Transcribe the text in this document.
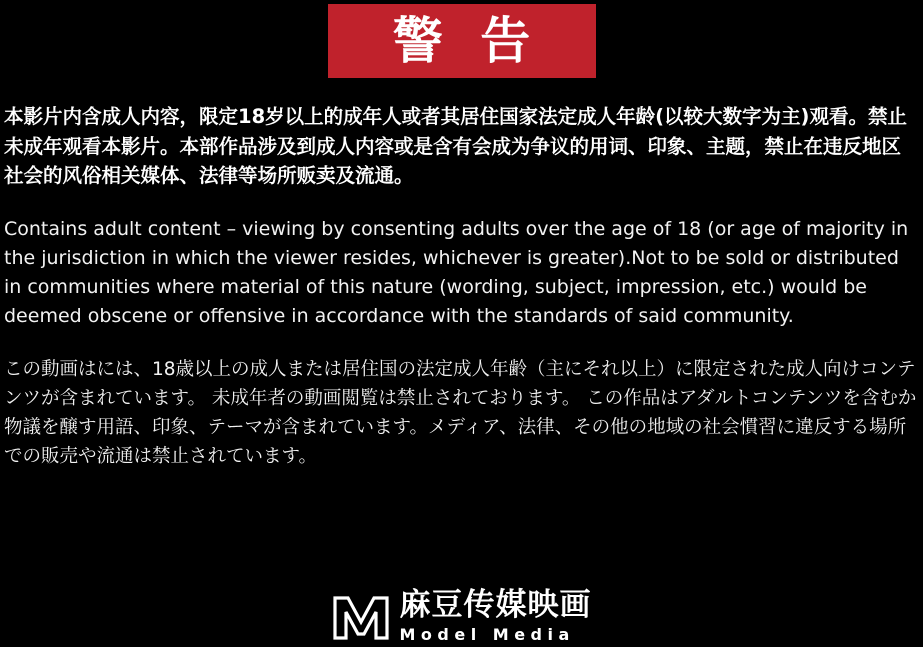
警 告

本影片内含成人内容，限定18岁以上的成年人或者其居住国家法定成人年龄(以较大数字为主)观看。禁止未成年观看本影片。本部作品涉及到成人内容或是含有会成为争议的用词、印象、主题，禁止在违反地区社会的风俗相关媒体、法律等场所贩卖及流通。

Contains adult content – viewing by consenting adults over the age of 18 (or age of majority in the jurisdiction in which the viewer resides, whichever is greater).Not to be sold or distributed in communities where material of this nature (wording, subject, impression, etc.) would be deemed obscene or offensive in accordance with the standards of said community.

この動画はには、18歳以上の成人または居住国の法定成人年齢（主にそれ以上）に限定された成人向けコンテンツが含まれています。 未成年者の動画閲覧は禁止されております。 この作品はアダルトコンテンツを含むか物議を醸す用語、印象、テーマが含まれています。メディア、法律、その他の地域の社会慣習に違反する場所での販売や流通は禁止されています。

麻豆传媒映画
Model Media
